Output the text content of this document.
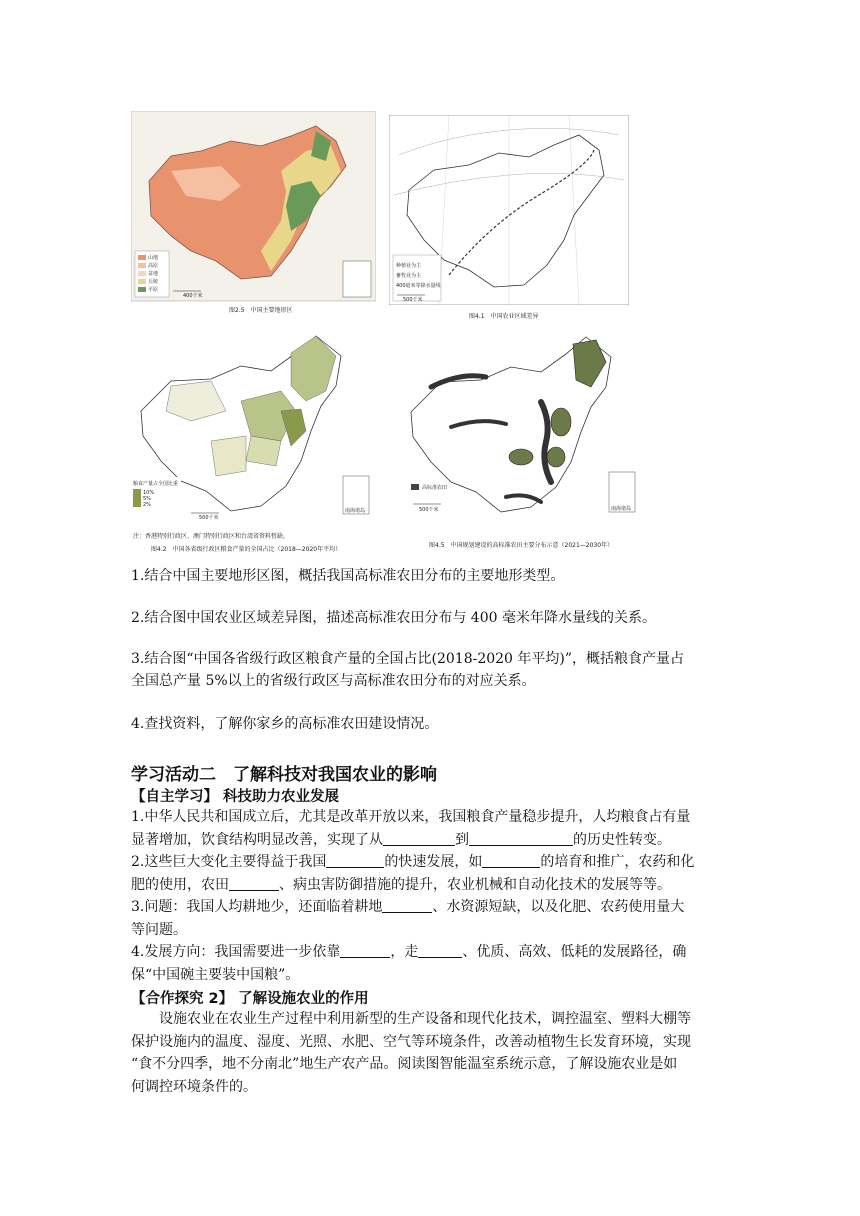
山地
高原
盆地
丘陵
平原
400千米
图2.5　中国主要地形区
种植业为主
畜牧业为主
400毫米等降水量线
500千米
图4.1　中国农业区域差异
粮食产量占全国比重
10%
5%
2%
500千米
南海诸岛
注：香港特别行政区、澳门特别行政区和台湾省资料暂缺。
图4.2　中国各省级行政区粮食产量的全国占比（2018—2020年平均）
高标准农田
500千米	南海诸岛
图4.5　中国规划建设的高标准农田主要分布示意（2021—2030年）
1.结合中国主要地形区图，概括我国高标准农田分布的主要地形类型。
2.结合图中国农业区域差异图，描述高标准农田分布与 400 毫米年降水量线的关系。
3.结合图“中国各省级行政区粮食产量的全国占比(2018-2020 年平均)”，概括粮食产量占
全国总产量 5%以上的省级行政区与高标准农田分布的对应关系。
4.查找资料，了解你家乡的高标准农田建设情况。
学习活动二　了解科技对我国农业的影响
【自主学习】 科技助力农业发展
1.中华人民共和国成立后，尤其是改革开放以来，我国粮食产量稳步提升，人均粮食占有量
显著增加，饮食结构明显改善，实现了从	到	的历史性转变。
2.这些巨大变化主要得益于我国	的快速发展，如	的培育和推广，农药和化
肥的使用，农田	、病虫害防御措施的提升，农业机械和自动化技术的发展等等。
3.问题：我国人均耕地少，还面临着耕地	、水资源短缺，以及化肥、农药使用量大
等问题。
4.发展方向：我国需要进一步依靠	，走	、优质、高效、低耗的发展路径，确
保“中国碗主要装中国粮”。
【合作探究 2】 了解设施农业的作用
设施农业在农业生产过程中利用新型的生产设备和现代化技术，调控温室、塑料大棚等
保护设施内的温度、湿度、光照、水肥、空气等环境条件，改善动植物生长发育环境，实现
“食不分四季，地不分南北”地生产农产品。阅读图智能温室系统示意，了解设施农业是如
何调控环境条件的。
